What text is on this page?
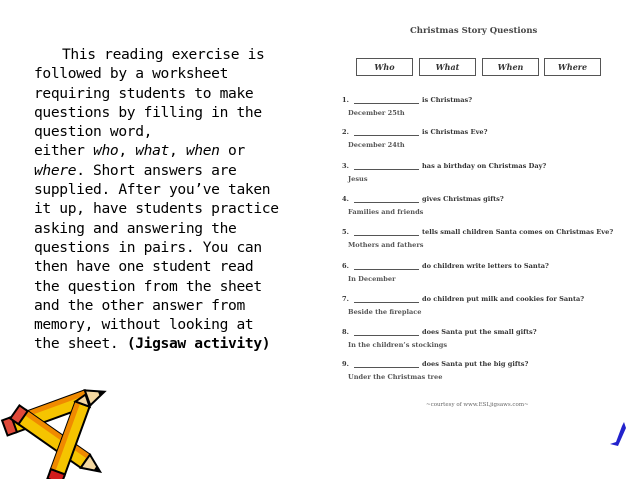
This reading exercise is
followed by a worksheet
requiring students to make
questions by filling in the
question word,
either who, what, when or
where. Short answers are
supplied. After you’ve taken
it up, have students practice
asking and answering the
questions in pairs. You can
then have one student read
the question from the sheet
and the other answer from
memory, without looking at
the sheet. (Jigsaw activity)
Christmas Story Questions
Who	What	When	Where
1.	is Christmas?
December 25th
2.	is Christmas Eve?
December 24th
3.	has a birthday on Christmas Day?
Jesus
4.	gives Christmas gifts?
Families and friends
5.	tells small children Santa comes on Christmas Eve?
Mothers and fathers
6.	do children write letters to Santa?
In December
7.	do children put milk and cookies for Santa?
Beside the fireplace
8.	does Santa put the small gifts?
In the children’s stockings
9.	does Santa put the big gifts?
Under the Christmas tree
~courtesy of www.ESLjigsaws.com~
